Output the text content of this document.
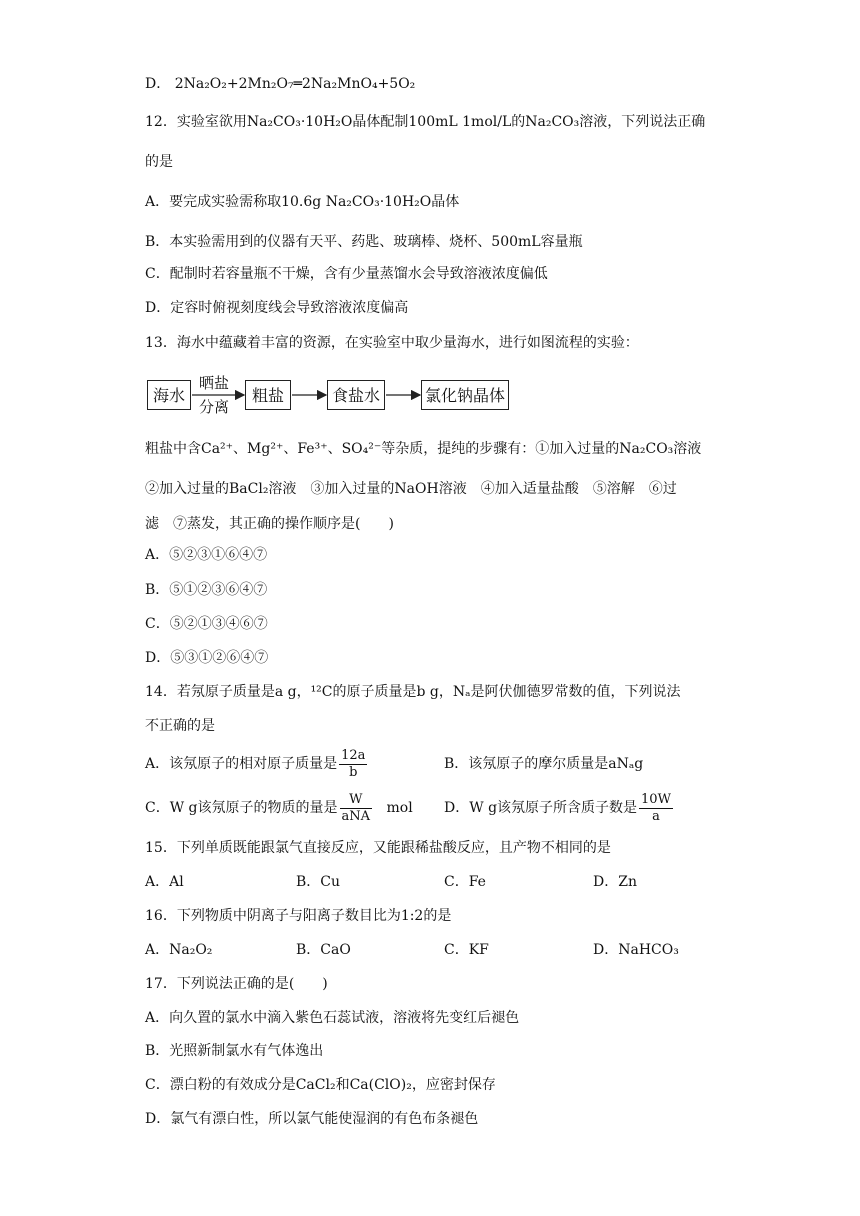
D． 2Na₂O₂+2Mn₂O₇═2Na₂MnO₄+5O₂
12．实验室欲用Na₂CO₃·10H₂O晶体配制100mL 1mol/L的Na₂CO₃溶液，下列说法正确
的是
A．要完成实验需称取10.6g Na₂CO₃·10H₂O晶体
B．本实验需用到的仪器有天平、药匙、玻璃棒、烧杯、500mL容量瓶
C．配制时若容量瓶不干燥，含有少量蒸馏水会导致溶液浓度偏低
D．定容时俯视刻度线会导致溶液浓度偏高
13．海水中蕴藏着丰富的资源，在实验室中取少量海水，进行如图流程的实验：
海水
晒盐
分离
粗盐	食盐水	氯化钠晶体
粗盐中含Ca²⁺、Mg²⁺、Fe³⁺、SO₄²⁻等杂质，提纯的步骤有：①加入过量的Na₂CO₃溶液
②加入过量的BaCl₂溶液　③加入过量的NaOH溶液　④加入适量盐酸　⑤溶解　⑥过
滤　⑦蒸发，其正确的操作顺序是(　　)
A．⑤②③①⑥④⑦
B．⑤①②③⑥④⑦
C．⑤②①③④⑥⑦
D．⑤③①②⑥④⑦
14．若氖原子质量是a g，¹²C的原子质量是b g，Nₐ是阿伏伽德罗常数的值，下列说法
不正确的是
A．该氖原子的相对原子质量是 $\frac{12a}{b}$	B．该氖原子的摩尔质量是aNₐg
C．W g该氖原子的物质的量是 $\frac{W}{\text{aNA}}$ mol D．W g该氖原子所含质子数是 $\frac{10W}{a}$
15．下列单质既能跟氯气直接反应，又能跟稀盐酸反应，且产物不相同的是
A．Al	B．Cu	C．Fe	D．Zn
16．下列物质中阴离子与阳离子数目比为1:2的是
A．Na₂O₂	B．CaO	C．KF	D．NaHCO₃
17．下列说法正确的是(　　)
A．向久置的氯水中滴入紫色石蕊试液，溶液将先变红后褪色
B．光照新制氯水有气体逸出
C．漂白粉的有效成分是CaCl₂和Ca(ClO)₂，应密封保存
D．氯气有漂白性，所以氯气能使湿润的有色布条褪色
